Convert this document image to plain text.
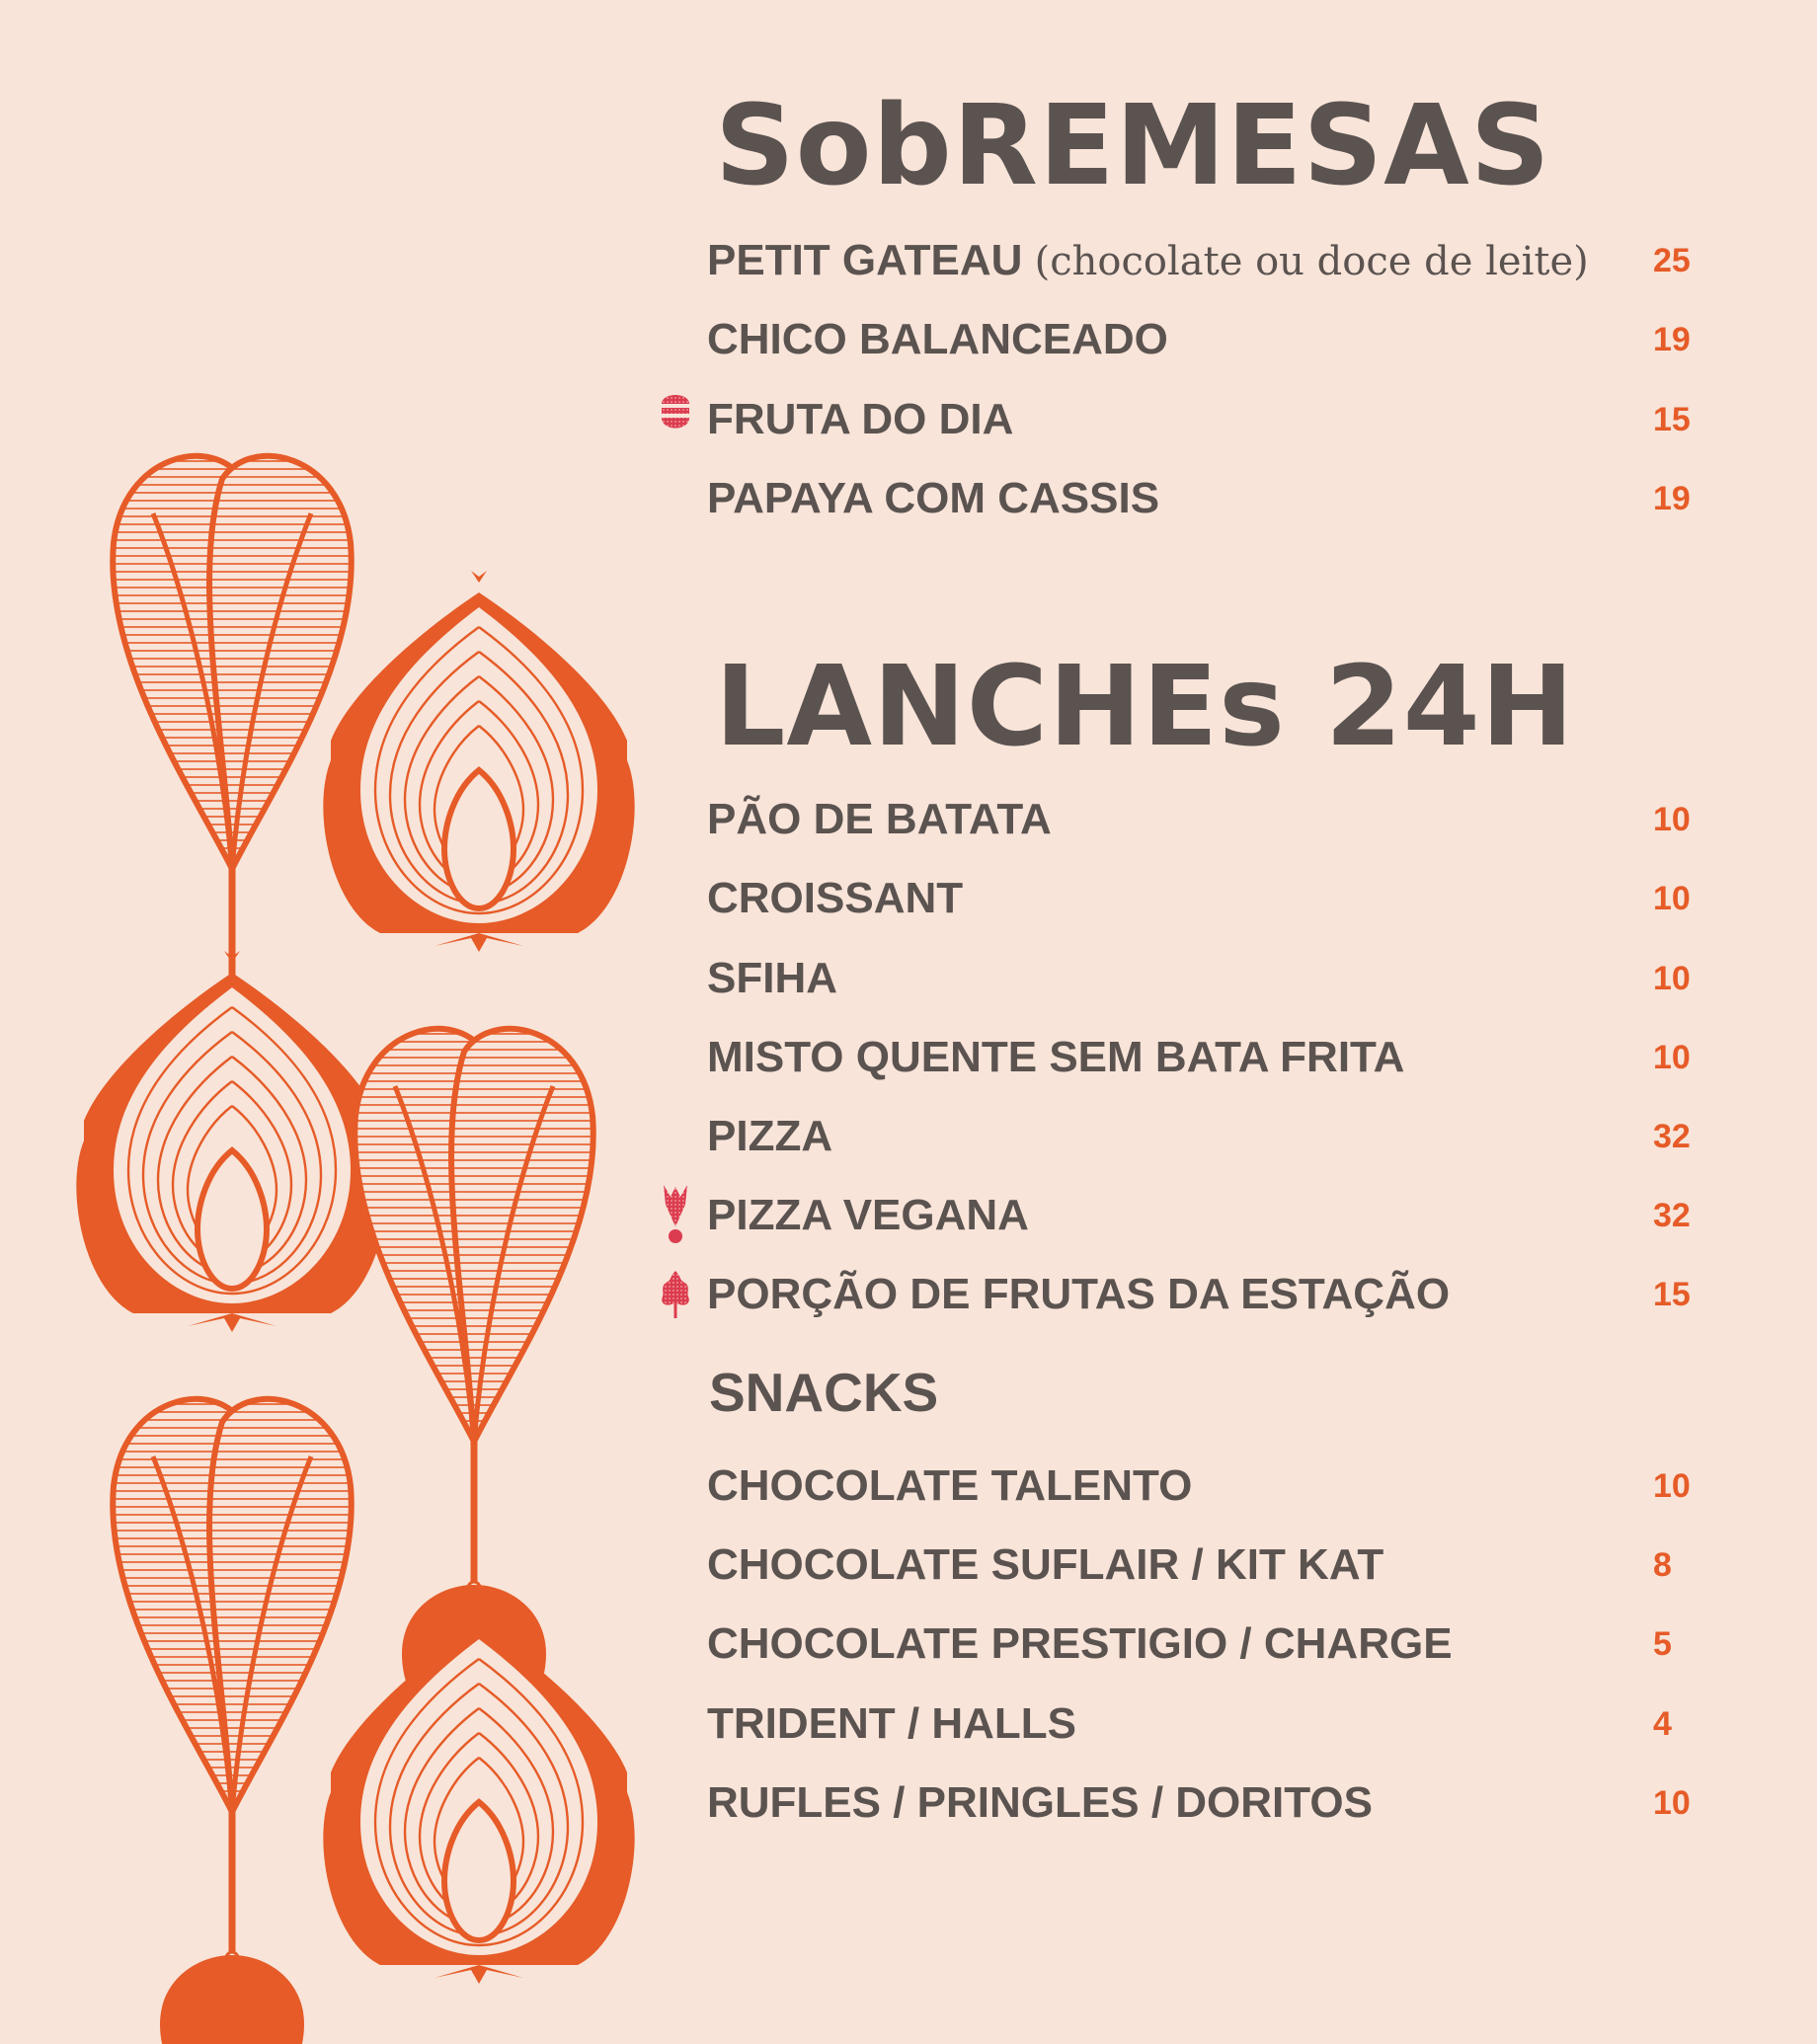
SobREMESAS
PETIT GATEAU (chocolate ou doce de leite) 25
CHICO BALANCEADO	19
FRUTA DO DIA	15
PAPAYA COM CASSIS	19
LANCHEs 24H
PÃO DE BATATA	10
CROISSANT	10
SFIHA	10
MISTO QUENTE SEM BATA FRITA	10
PIZZA	32
PIZZA VEGANA	32
PORÇÃO DE FRUTAS DA ESTAÇÃO	15
SNACKS
CHOCOLATE TALENTO	10
CHOCOLATE SUFLAIR / KIT KAT	8
CHOCOLATE PRESTIGIO / CHARGE	5
TRIDENT / HALLS	4
RUFLES / PRINGLES / DORITOS	10
